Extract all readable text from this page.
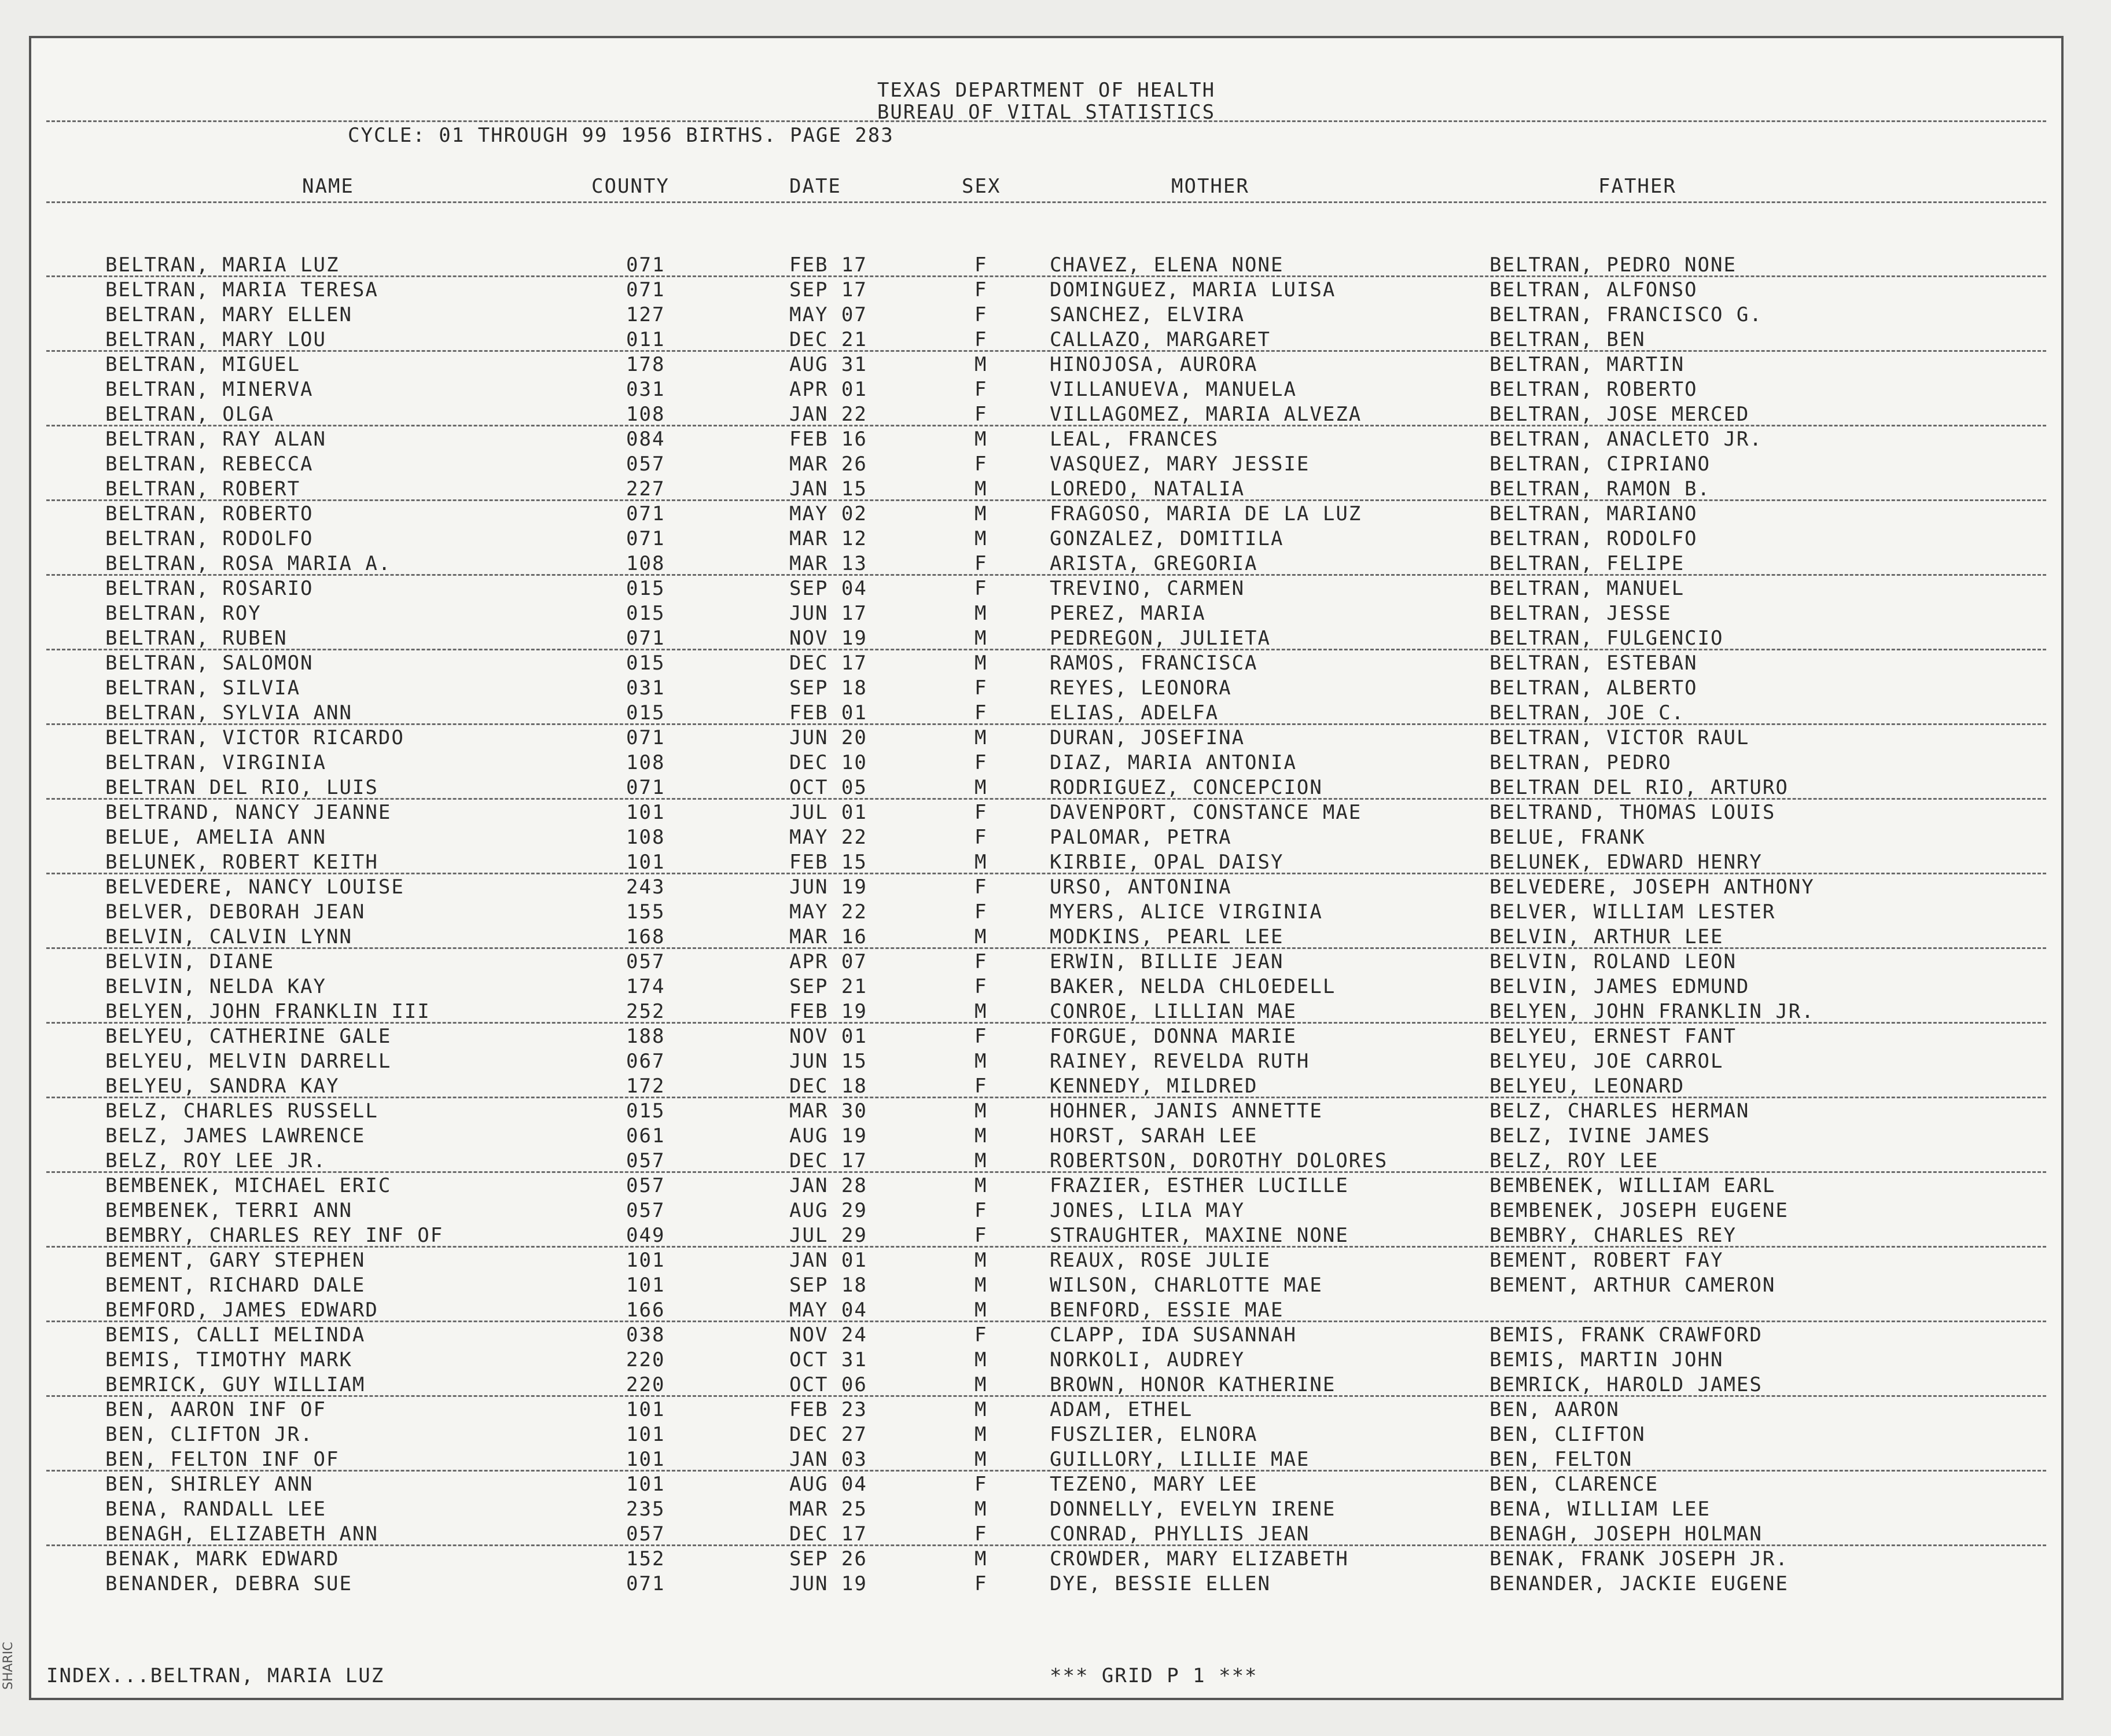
TEXAS DEPARTMENT OF HEALTH
BUREAU OF VITAL STATISTICS
CYCLE: 01 THROUGH 99 1956 BIRTHS. PAGE 283
NAME	COUNTY	DATE	SEX	MOTHER	FATHER
BELTRAN, MARIA LUZ	071	FEB 17	F	CHAVEZ, ELENA NONE	BELTRAN, PEDRO NONE
BELTRAN, MARIA TERESA	071	SEP 17	F	DOMINGUEZ, MARIA LUISA	BELTRAN, ALFONSO
BELTRAN, MARY ELLEN	127	MAY 07	F	SANCHEZ, ELVIRA	BELTRAN, FRANCISCO G.
BELTRAN, MARY LOU	011	DEC 21	F	CALLAZO, MARGARET	BELTRAN, BEN
BELTRAN, MIGUEL	178	AUG 31	M	HINOJOSA, AURORA	BELTRAN, MARTIN
BELTRAN, MINERVA	031	APR 01	F	VILLANUEVA, MANUELA	BELTRAN, ROBERTO
BELTRAN, OLGA	108	JAN 22	F	VILLAGOMEZ, MARIA ALVEZA	BELTRAN, JOSE MERCED
BELTRAN, RAY ALAN	084	FEB 16	M	LEAL, FRANCES	BELTRAN, ANACLETO JR.
BELTRAN, REBECCA	057	MAR 26	F	VASQUEZ, MARY JESSIE	BELTRAN, CIPRIANO
BELTRAN, ROBERT	227	JAN 15	M	LOREDO, NATALIA	BELTRAN, RAMON B.
BELTRAN, ROBERTO	071	MAY 02	M	FRAGOSO, MARIA DE LA LUZ	BELTRAN, MARIANO
BELTRAN, RODOLFO	071	MAR 12	M	GONZALEZ, DOMITILA	BELTRAN, RODOLFO
BELTRAN, ROSA MARIA A.	108	MAR 13	F	ARISTA, GREGORIA	BELTRAN, FELIPE
BELTRAN, ROSARIO	015	SEP 04	F	TREVINO, CARMEN	BELTRAN, MANUEL
BELTRAN, ROY	015	JUN 17	M	PEREZ, MARIA	BELTRAN, JESSE
BELTRAN, RUBEN	071	NOV 19	M	PEDREGON, JULIETA	BELTRAN, FULGENCIO
BELTRAN, SALOMON	015	DEC 17	M	RAMOS, FRANCISCA	BELTRAN, ESTEBAN
BELTRAN, SILVIA	031	SEP 18	F	REYES, LEONORA	BELTRAN, ALBERTO
BELTRAN, SYLVIA ANN	015	FEB 01	F	ELIAS, ADELFA	BELTRAN, JOE C.
BELTRAN, VICTOR RICARDO	071	JUN 20	M	DURAN, JOSEFINA	BELTRAN, VICTOR RAUL
BELTRAN, VIRGINIA	108	DEC 10	F	DIAZ, MARIA ANTONIA	BELTRAN, PEDRO
BELTRAN DEL RIO, LUIS	071	OCT 05	M	RODRIGUEZ, CONCEPCION	BELTRAN DEL RIO, ARTURO
BELTRAND, NANCY JEANNE	101	JUL 01	F	DAVENPORT, CONSTANCE MAE	BELTRAND, THOMAS LOUIS
BELUE, AMELIA ANN	108	MAY 22	F	PALOMAR, PETRA	BELUE, FRANK
BELUNEK, ROBERT KEITH	101	FEB 15	M	KIRBIE, OPAL DAISY	BELUNEK, EDWARD HENRY
BELVEDERE, NANCY LOUISE	243	JUN 19	F	URSO, ANTONINA	BELVEDERE, JOSEPH ANTHONY
BELVER, DEBORAH JEAN	155	MAY 22	F	MYERS, ALICE VIRGINIA	BELVER, WILLIAM LESTER
BELVIN, CALVIN LYNN	168	MAR 16	M	MODKINS, PEARL LEE	BELVIN, ARTHUR LEE
BELVIN, DIANE	057	APR 07	F	ERWIN, BILLIE JEAN	BELVIN, ROLAND LEON
BELVIN, NELDA KAY	174	SEP 21	F	BAKER, NELDA CHLOEDELL	BELVIN, JAMES EDMUND
BELYEN, JOHN FRANKLIN III	252	FEB 19	M	CONROE, LILLIAN MAE	BELYEN, JOHN FRANKLIN JR.
BELYEU, CATHERINE GALE	188	NOV 01	F	FORGUE, DONNA MARIE	BELYEU, ERNEST FANT
BELYEU, MELVIN DARRELL	067	JUN 15	M	RAINEY, REVELDA RUTH	BELYEU, JOE CARROL
BELYEU, SANDRA KAY	172	DEC 18	F	KENNEDY, MILDRED	BELYEU, LEONARD
BELZ, CHARLES RUSSELL	015	MAR 30	M	HOHNER, JANIS ANNETTE	BELZ, CHARLES HERMAN
BELZ, JAMES LAWRENCE	061	AUG 19	M	HORST, SARAH LEE	BELZ, IVINE JAMES
BELZ, ROY LEE JR.	057	DEC 17	M	ROBERTSON, DOROTHY DOLORES	BELZ, ROY LEE
BEMBENEK, MICHAEL ERIC	057	JAN 28	M	FRAZIER, ESTHER LUCILLE	BEMBENEK, WILLIAM EARL
BEMBENEK, TERRI ANN	057	AUG 29	F	JONES, LILA MAY	BEMBENEK, JOSEPH EUGENE
BEMBRY, CHARLES REY INF OF	049	JUL 29	F	STRAUGHTER, MAXINE NONE	BEMBRY, CHARLES REY
BEMENT, GARY STEPHEN	101	JAN 01	M	REAUX, ROSE JULIE	BEMENT, ROBERT FAY
BEMENT, RICHARD DALE	101	SEP 18	M	WILSON, CHARLOTTE MAE	BEMENT, ARTHUR CAMERON
BEMFORD, JAMES EDWARD	166	MAY 04	M	BENFORD, ESSIE MAE
BEMIS, CALLI MELINDA	038	NOV 24	F	CLAPP, IDA SUSANNAH	BEMIS, FRANK CRAWFORD
BEMIS, TIMOTHY MARK	220	OCT 31	M	NORKOLI, AUDREY	BEMIS, MARTIN JOHN
BEMRICK, GUY WILLIAM	220	OCT 06	M	BROWN, HONOR KATHERINE	BEMRICK, HAROLD JAMES
BEN, AARON INF OF	101	FEB 23	M	ADAM, ETHEL	BEN, AARON
BEN, CLIFTON JR.	101	DEC 27	M	FUSZLIER, ELNORA	BEN, CLIFTON
BEN, FELTON INF OF	101	JAN 03	M	GUILLORY, LILLIE MAE	BEN, FELTON
BEN, SHIRLEY ANN	101	AUG 04	F	TEZENO, MARY LEE	BEN, CLARENCE
BENA, RANDALL LEE	235	MAR 25	M	DONNELLY, EVELYN IRENE	BENA, WILLIAM LEE
BENAGH, ELIZABETH ANN	057	DEC 17	F	CONRAD, PHYLLIS JEAN	BENAGH, JOSEPH HOLMAN
BENAK, MARK EDWARD	152	SEP 26	M	CROWDER, MARY ELIZABETH	BENAK, FRANK JOSEPH JR.
BENANDER, DEBRA SUE	071	JUN 19	F	DYE, BESSIE ELLEN	BENANDER, JACKIE EUGENE
INDEX...BELTRAN, MARIA LUZ	*** GRID P 1 ***
SHARIC
